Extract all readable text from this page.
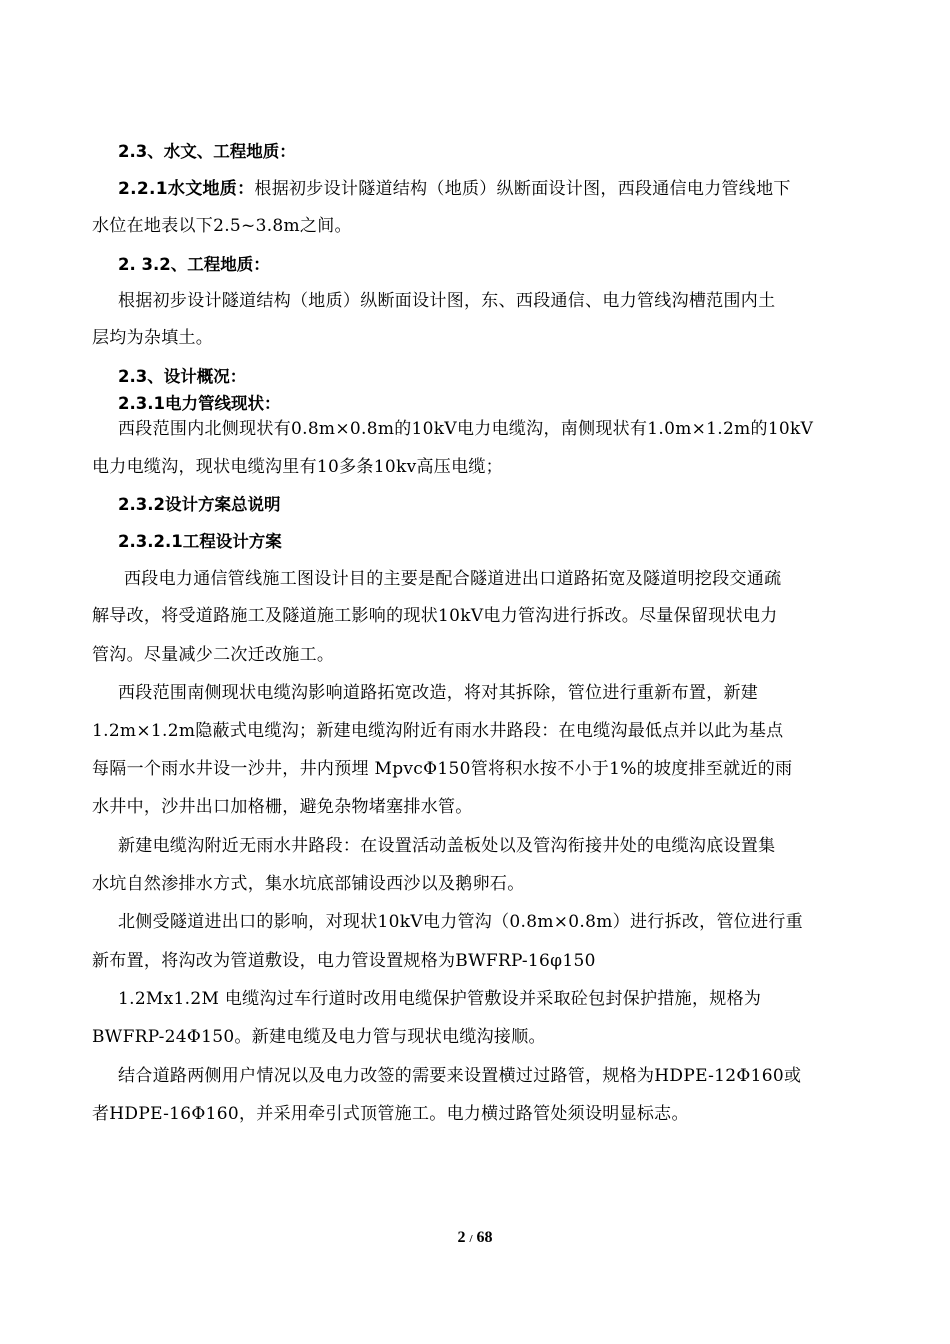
2.3、水文、工程地质：
2.2.1水文地质：根据初步设计隧道结构（地质）纵断面设计图，西段通信电力管线地下
水位在地表以下2.5~3.8m之间。
2. 3.2、工程地质：
根据初步设计隧道结构（地质）纵断面设计图，东、西段通信、电力管线沟槽范围内土
层均为杂填土。
2.3、设计概况：
2.3.1电力管线现状：
西段范围内北侧现状有0.8m×0.8m的10kV电力电缆沟，南侧现状有1.0m×1.2m的10kV
电力电缆沟，现状电缆沟里有10多条10kv高压电缆；
2.3.2设计方案总说明
2.3.2.1工程设计方案
西段电力通信管线施工图设计目的主要是配合隧道进出口道路拓宽及隧道明挖段交通疏
解导改，将受道路施工及隧道施工影响的现状10kV电力管沟进行拆改。尽量保留现状电力
管沟。尽量减少二次迁改施工。
西段范围南侧现状电缆沟影响道路拓宽改造，将对其拆除，管位进行重新布置，新建
1.2m×1.2m隐蔽式电缆沟；新建电缆沟附近有雨水井路段：在电缆沟最低点并以此为基点
每隔一个雨水井设一沙井，井内预埋 MpvcΦ150管将积水按不小于1%的坡度排至就近的雨
水井中，沙井出口加格栅，避免杂物堵塞排水管。
新建电缆沟附近无雨水井路段：在设置活动盖板处以及管沟衔接井处的电缆沟底设置集
水坑自然渗排水方式，集水坑底部铺设西沙以及鹅卵石。
北侧受隧道进出口的影响，对现状10kV电力管沟（0.8m×0.8m）进行拆改，管位进行重
新布置，将沟改为管道敷设，电力管设置规格为BWFRP-16φ150
1.2Mx1.2M 电缆沟过车行道时改用电缆保护管敷设并采取砼包封保护措施，规格为
BWFRP-24Φ150。新建电缆及电力管与现状电缆沟接顺。
结合道路两侧用户情况以及电力改签的需要来设置横过过路管，规格为HDPE-12Φ160或
者HDPE-16Φ160，并采用牵引式顶管施工。电力横过路管处须设明显标志。
2 / 68
